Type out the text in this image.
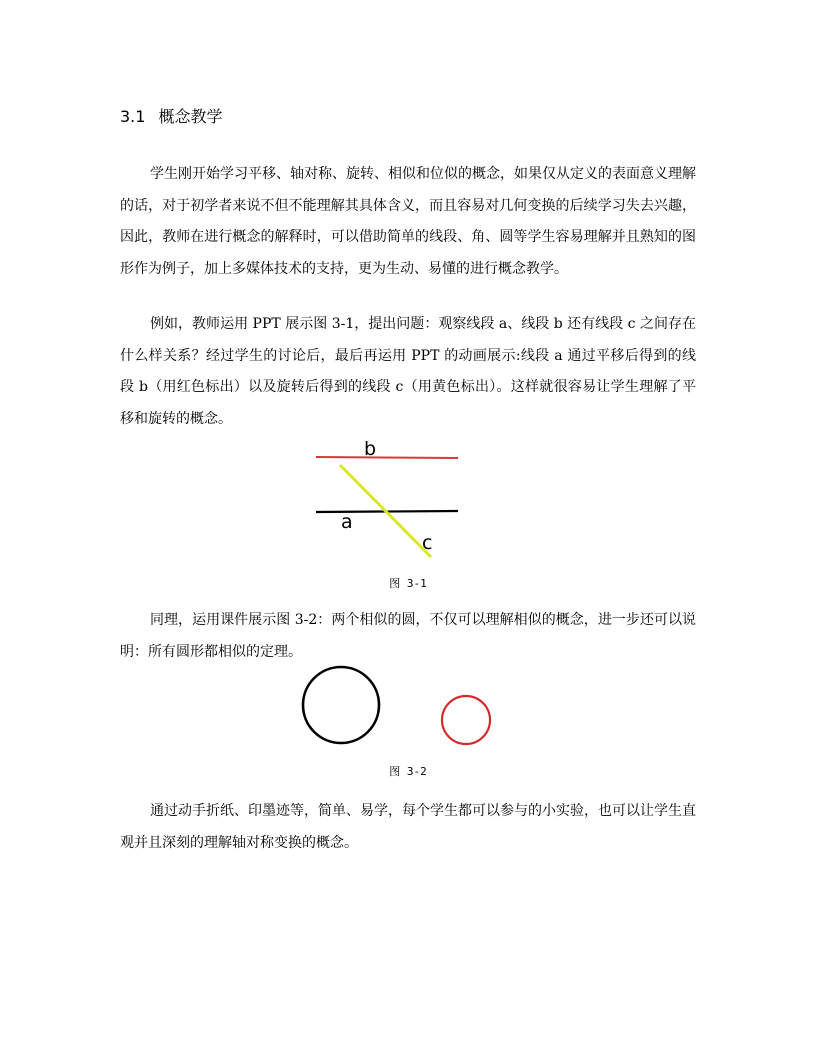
3.1 概念教学

学生刚开始学习平移、轴对称、旋转、相似和位似的概念，如果仅从定义的表面意义理解的话，对于初学者来说不但不能理解其具体含义，而且容易对几何变换的后续学习失去兴趣，因此，教师在进行概念的解释时，可以借助简单的线段、角、圆等学生容易理解并且熟知的图形作为例子，加上多媒体技术的支持，更为生动、易懂的进行概念教学。

例如，教师运用 PPT 展示图 3-1，提出问题：观察线段 a、线段 b 还有线段 c 之间存在什么样关系？经过学生的讨论后，最后再运用 PPT 的动画展示:线段 a 通过平移后得到的线段 b（用红色标出）以及旋转后得到的线段 c（用黄色标出）。这样就很容易让学生理解了平移和旋转的概念。

b
a
c
图 3-1

同理，运用课件展示图 3-2：两个相似的圆，不仅可以理解相似的概念，进一步还可以说明：所有圆形都相似的定理。

图 3-2

通过动手折纸、印墨迹等，简单、易学，每个学生都可以参与的小实验，也可以让学生直观并且深刻的理解轴对称变换的概念。
